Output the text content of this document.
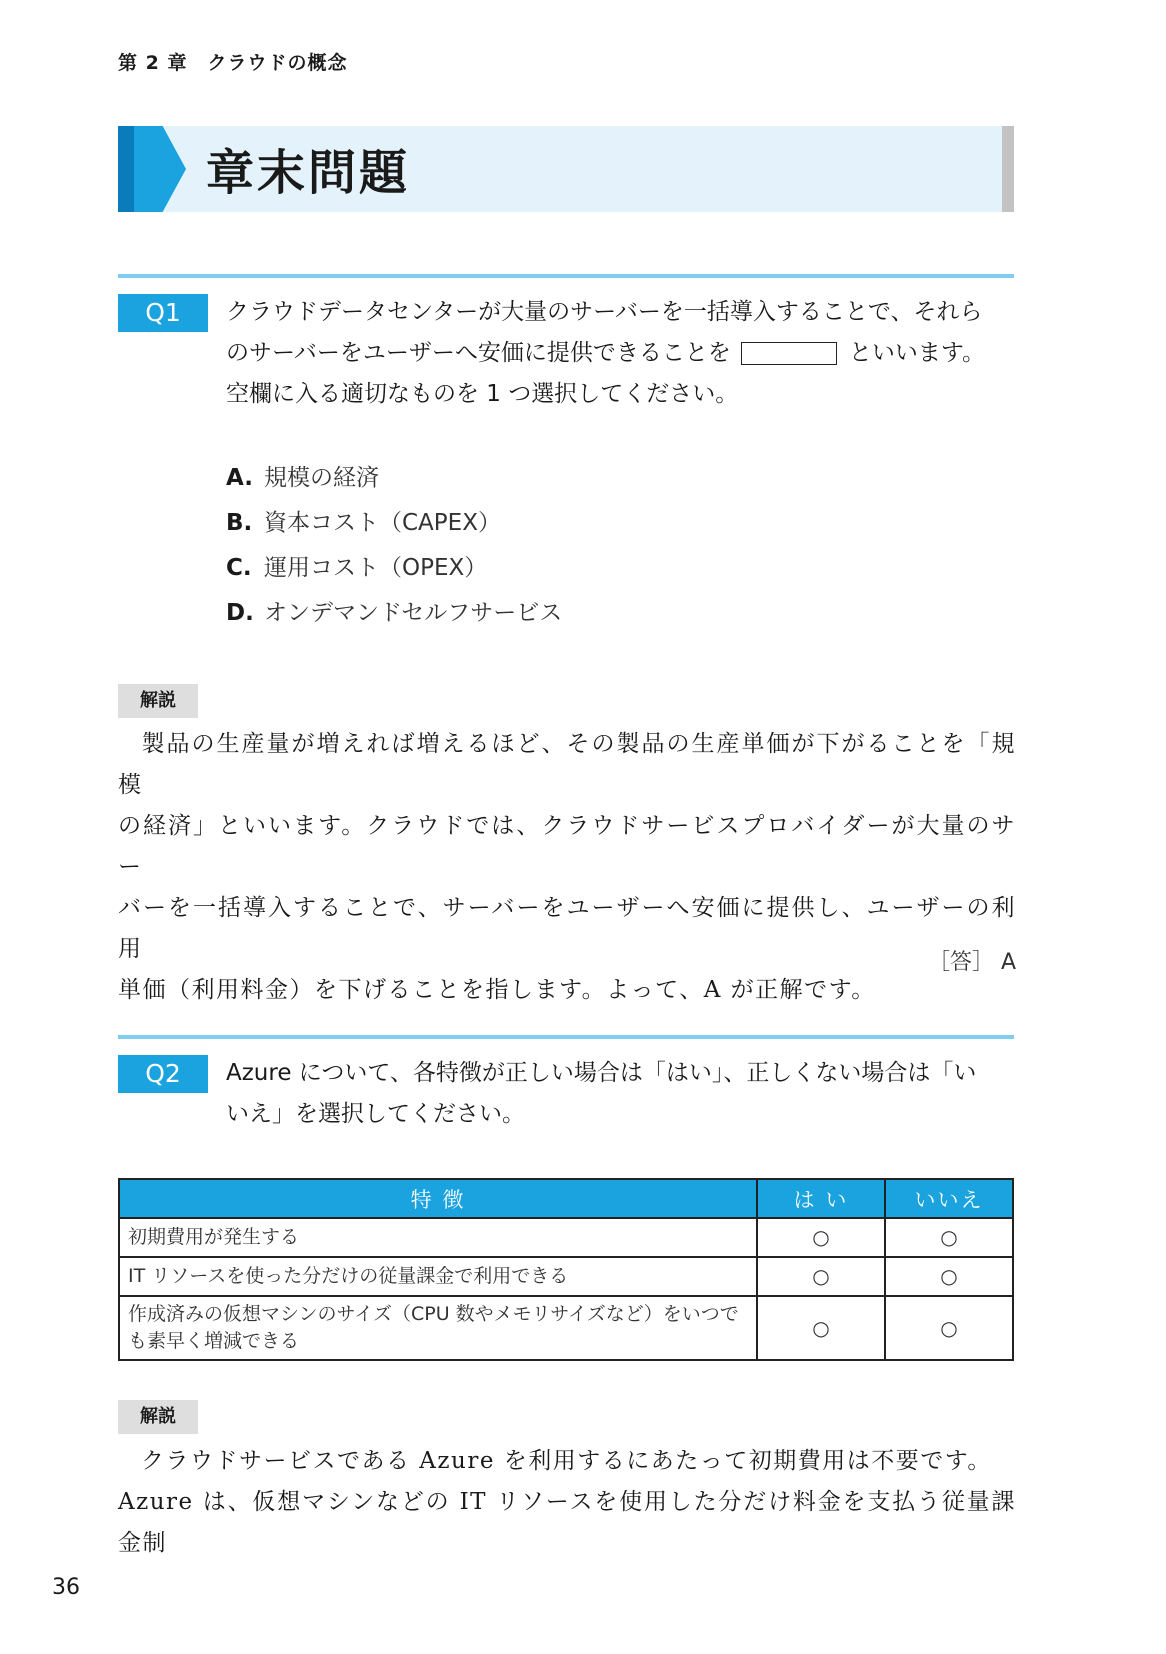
第 2 章　クラウドの概念
章末問題
Q1	クラウドデータセンターが大量のサーバーを一括導入することで、それら
のサーバーをユーザーへ安価に提供できることを	といいます。
空欄に入る適切なものを 1 つ選択してください。
A. 規模の経済
B. 資本コスト（CAPEX）
C. 運用コスト（OPEX）
D. オンデマンドセルフサービス
解説
製品の生産量が増えれば増えるほど、その製品の生産単価が下がることを「規模
の経済」といいます。クラウドでは、クラウドサービスプロバイダーが大量のサー
バーを一括導入することで、サーバーをユーザーへ安価に提供し、ユーザーの利用
単価（利用料金）を下げることを指します。よって、A が正解です。
［答］ A
Q2	Azure について、各特徴が正しい場合は「はい」、正しくない場合は「い
いえ」を選択してください。
特 徴	は い	いいえ
初期費用が発生する	○	○
IT リソースを使った分だけの従量課金で利用できる	○	○
作成済みの仮想マシンのサイズ（CPU 数やメモリサイズなど）をいつでも素早く増減できる	○	○
解説
クラウドサービスである Azure を利用するにあたって初期費用は不要です。
Azure は、仮想マシンなどの IT リソースを使用した分だけ料金を支払う従量課金制
36
